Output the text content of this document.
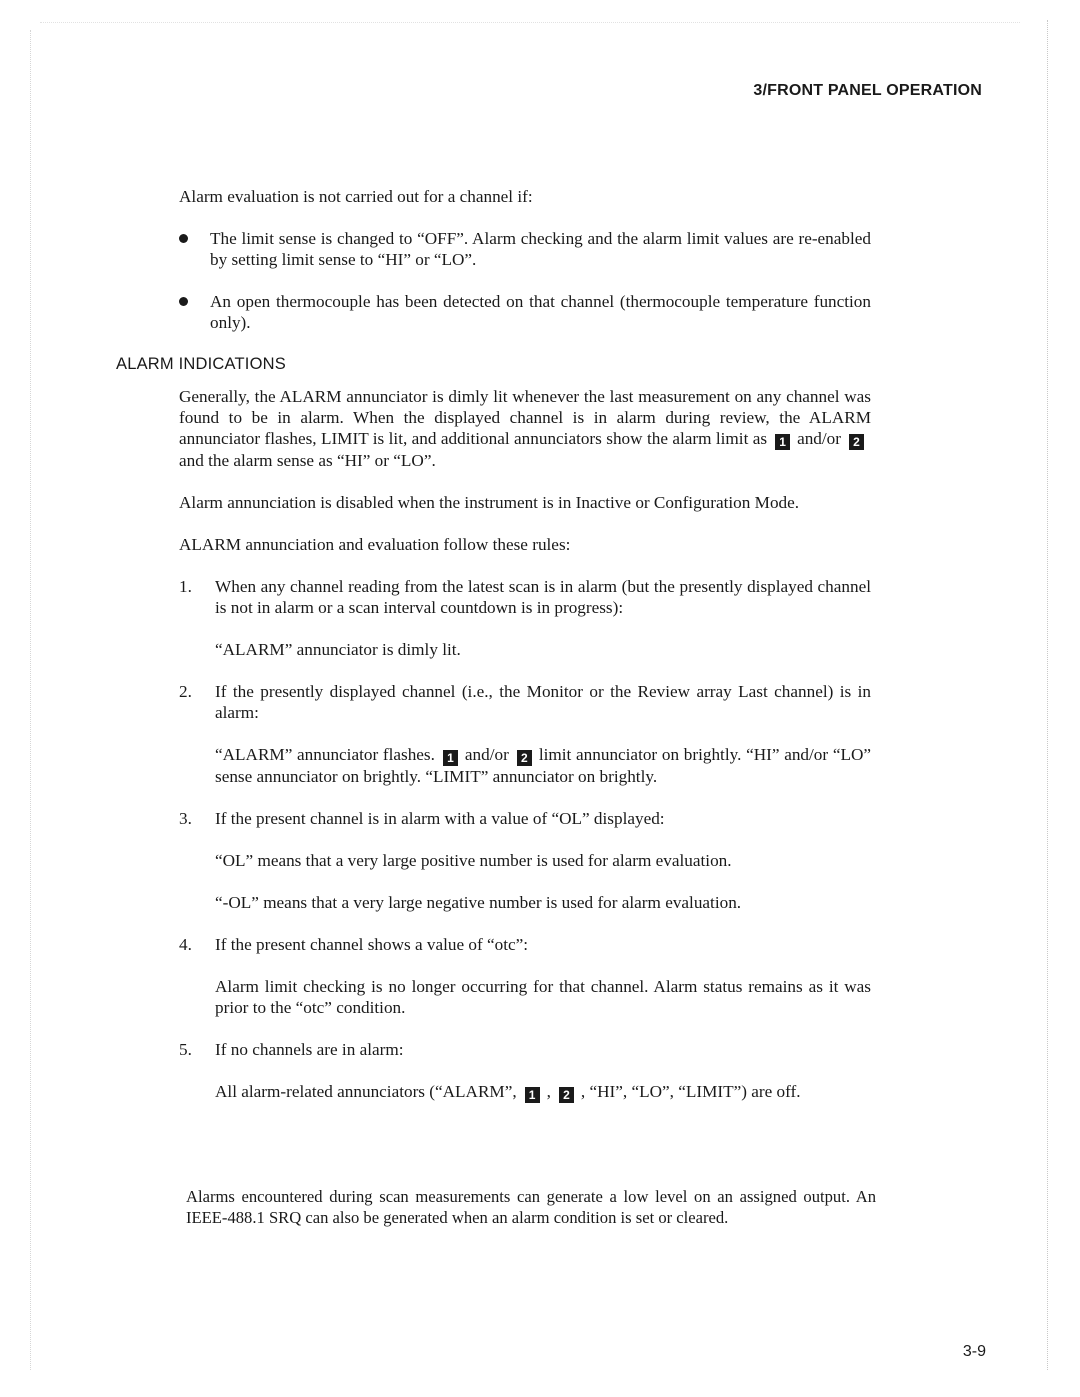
3/FRONT PANEL OPERATION

Alarm evaluation is not carried out for a channel if:

The limit sense is changed to “OFF”. Alarm checking and the alarm limit values are re-enabled by setting limit sense to “HI” or “LO”.
An open thermocouple has been detected on that channel (thermocouple temperature function only).
ALARM INDICATIONS

Generally, the ALARM annunciator is dimly lit whenever the last measurement on any channel was found to be in alarm. When the displayed channel is in alarm during review, the ALARM annunciator flashes, LIMIT is lit, and additional annunciators show the alarm limit as 1 and/or 2and the alarm sense as “HI” or “LO”.

Alarm annunciation is disabled when the instrument is in Inactive or Configuration Mode.

ALARM annunciation and evaluation follow these rules:

1. When any channel reading from the latest scan is in alarm (but the presently displayed channel is not in alarm or a scan interval countdown is in progress):
“ALARM” annunciator is dimly lit.
2. If the presently displayed channel (i.e., the Monitor or the Review array Last channel) is in alarm:
“ALARM” annunciator flashes. 1 and/or 2 limit annunciator on brightly. “HI” and/or “LO” sense annunciator on brightly. “LIMIT” annunciator on brightly.
3. If the present channel is in alarm with a value of “OL” displayed:

“OL” means that a very large positive number is used for alarm evaluation.

“-OL” means that a very large negative number is used for alarm evaluation.

4. If the present channel shows a value of “otc”:
Alarm limit checking is no longer occurring for that channel. Alarm status remains as it was prior to the “otc” condition.
5. If no channels are in alarm:
All alarm-related annunciators (“ALARM”, 1 , 2 , “HI”, “LO”, “LIMIT”) are off.

Alarms encountered during scan measurements can generate a low level on an assigned output. An IEEE-488.1 SRQ can also be generated when an alarm condition is set or cleared.

3-9
